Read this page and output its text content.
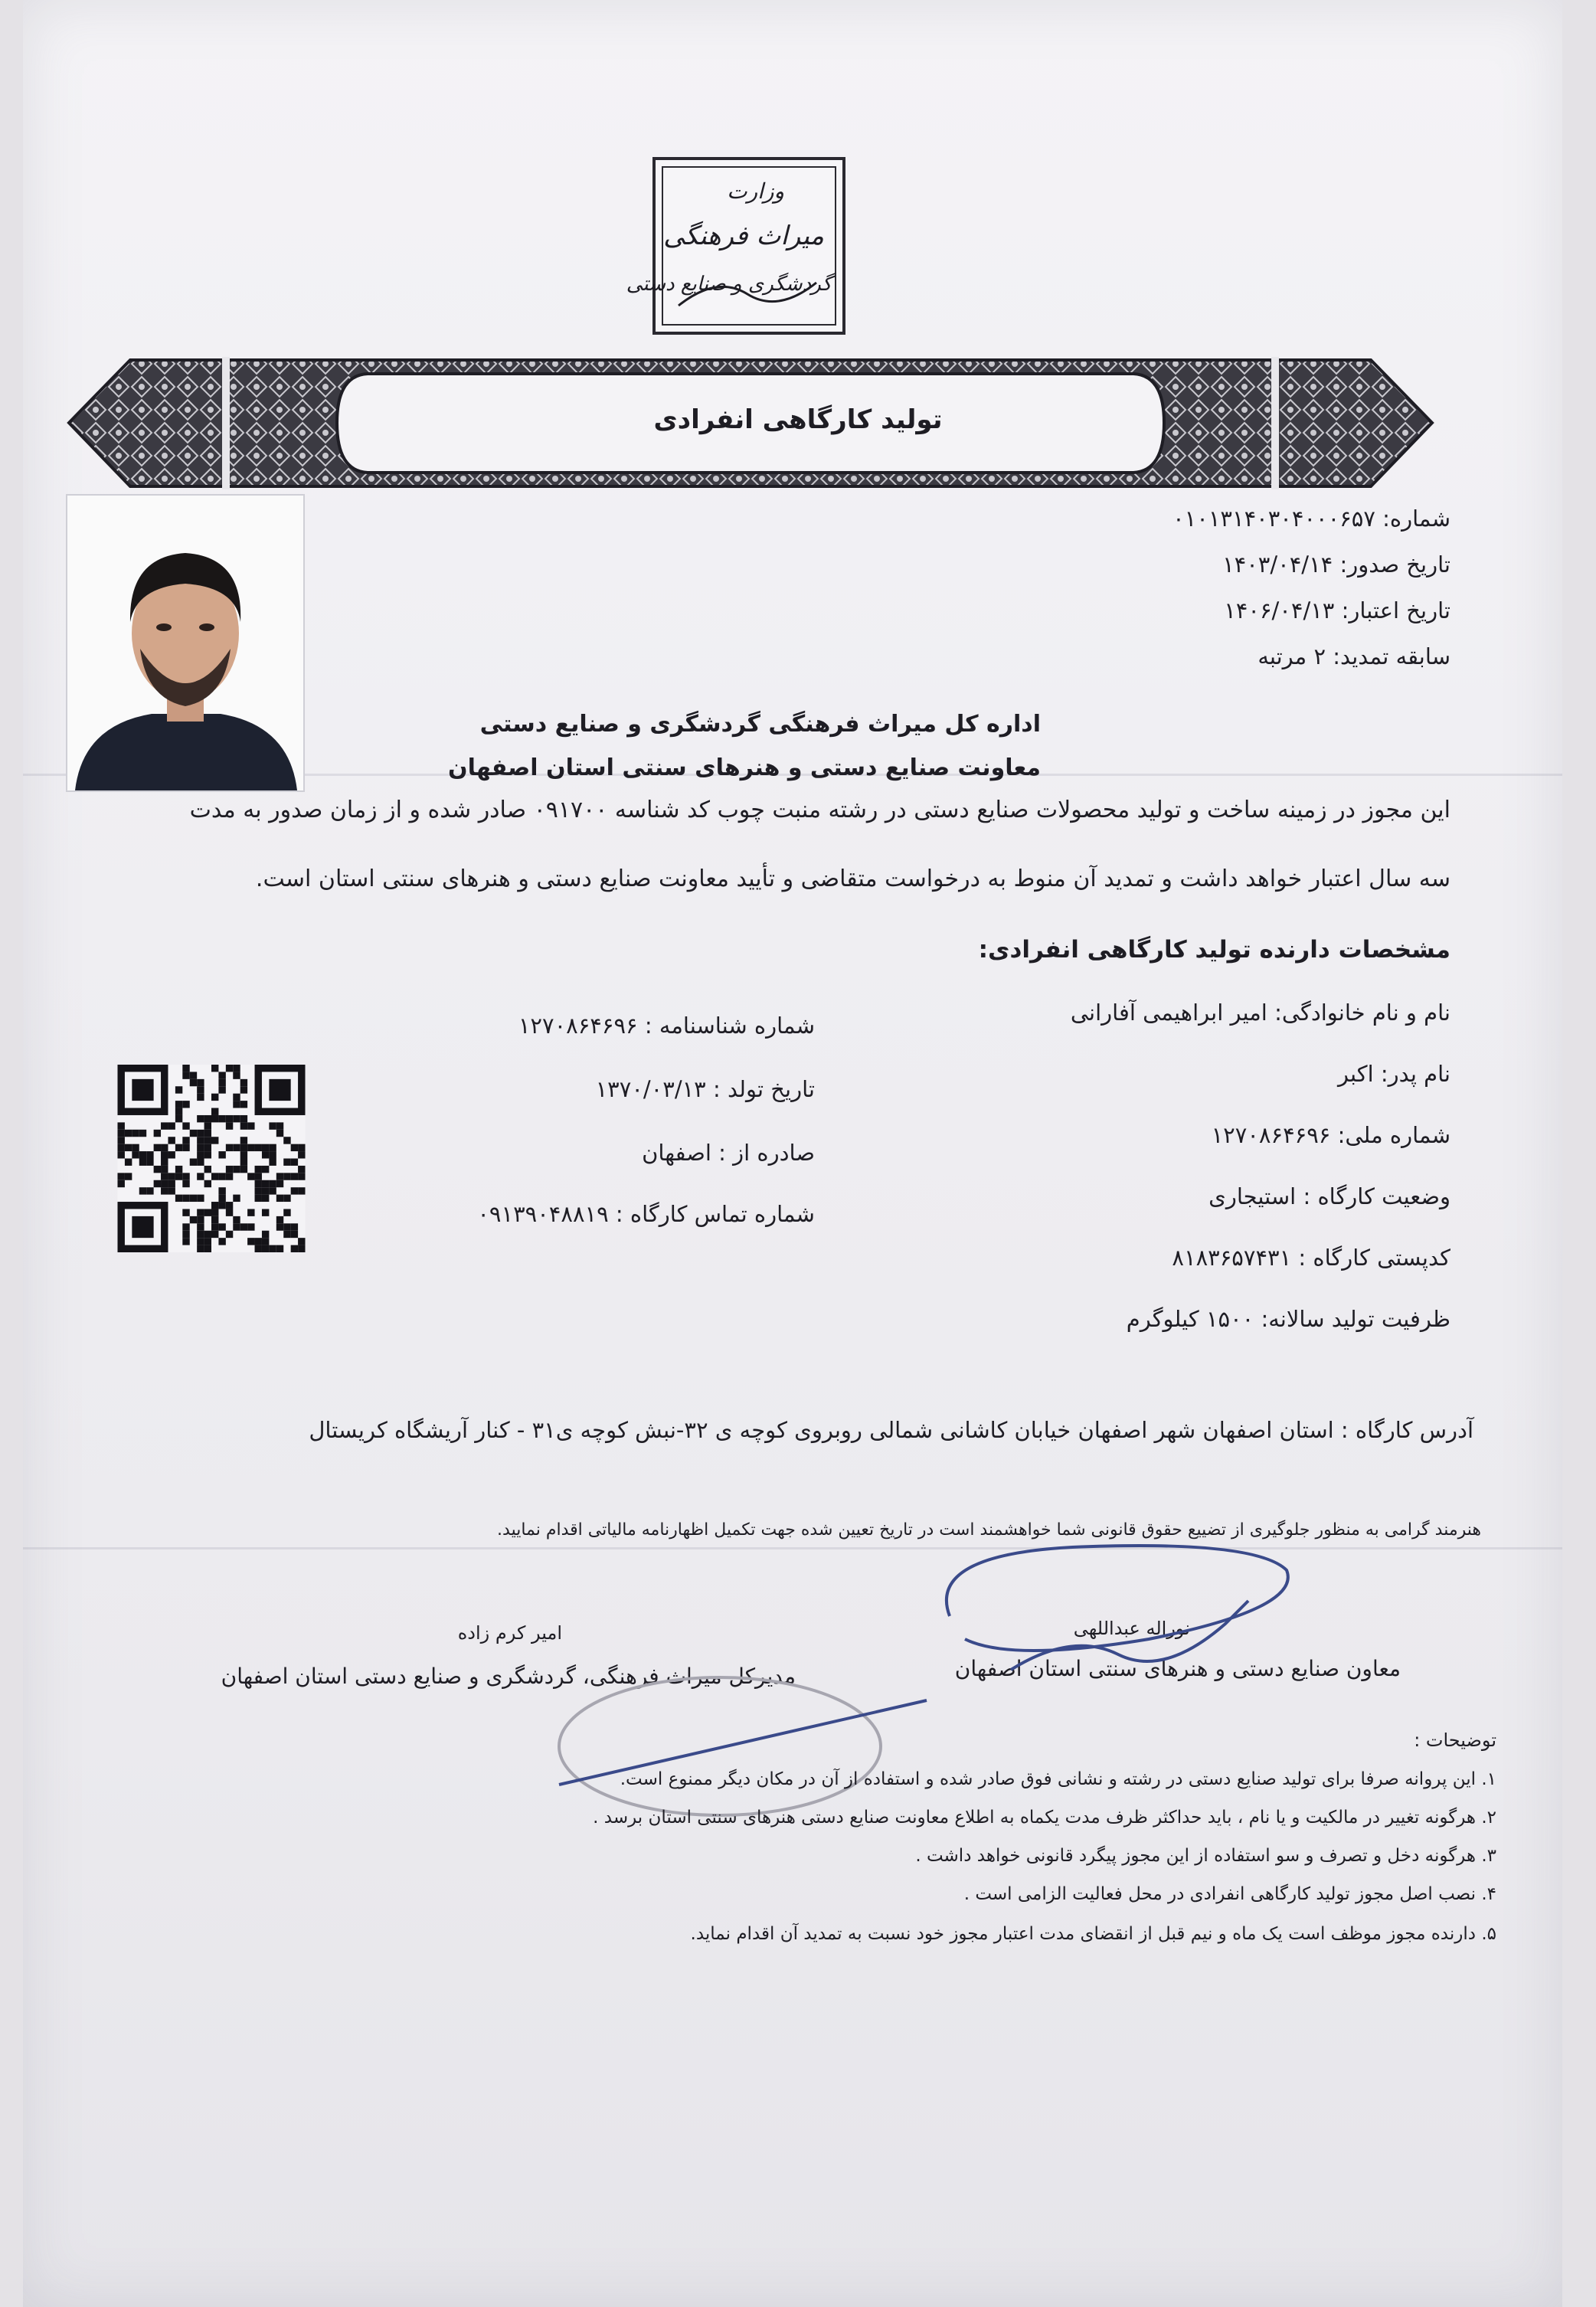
وزارت
میراث فرهنگی
گردشگری و صنایع دستی
تولید کارگاهی انفرادی
شماره: ۰۱۰۱۳۱۴۰۳۰۴۰۰۰۶۵۷
تاریخ صدور: ۱۴۰۳/۰۴/۱۴
تاریخ اعتبار: ۱۴۰۶/۰۴/۱۳
سابقه تمدید: ۲ مرتبه
اداره کل میراث فرهنگی گردشگری و صنایع دستی
معاونت صنایع دستی و هنرهای سنتی استان اصفهان
این مجوز در زمینه ساخت و تولید محصولات صنایع دستی در رشته منبت چوب کد شناسه ۰۹۱۷۰۰ صادر شده و از زمان صدور به مدت
سه سال اعتبار خواهد داشت و تمدید آن منوط به درخواست متقاضی و تأیید معاونت صنایع دستی و هنرهای سنتی استان است.
مشخصات دارنده تولید کارگاهی انفرادی:
نام و نام خانوادگی: امیر ابراهیمی آفارانی
نام پدر: اکبر
شماره ملی: ۱۲۷۰۸۶۴۶۹۶
وضعیت کارگاه : استیجاری
کدپستی کارگاه : ۸۱۸۳۶۵۷۴۳۱
ظرفیت تولید سالانه: ۱۵۰۰ کیلوگرم
شماره شناسنامه : ۱۲۷۰۸۶۴۶۹۶
تاریخ تولد : ۱۳۷۰/۰۳/۱۳
صادره از : اصفهان
شماره تماس کارگاه : ۰۹۱۳۹۰۴۸۸۱۹
آدرس کارگاه : استان اصفهان شهر اصفهان خیابان کاشانی شمالی روبروی کوچه ی ۳۲-نبش کوچه ی۳۱ - کنار آریشگاه کریستال
هنرمند گرامی به منظور جلوگیری از تضییع حقوق قانونی شما خواهشمند است در تاریخ تعیین شده جهت تکمیل اظهارنامه مالیاتی اقدام نمایید.
نوراله عبداللهی
معاون صنایع دستی و هنرهای سنتی استان اصفهان
امیر کرم زاده
مدیرکل میراث فرهنگی، گردشگری و صنایع دستی استان اصفهان
توضیحات :
۱. این پروانه صرفا برای تولید صنایع دستی در رشته و نشانی فوق صادر شده و استفاده از آن در مکان دیگر ممنوع است.
۲. هرگونه تغییر در مالکیت و یا نام ، باید حداکثر ظرف مدت یکماه به اطلاع معاونت صنایع دستی هنرهای سنتی استان برسد .
۳. هرگونه دخل و تصرف و سو استفاده از این مجوز پیگرد قانونی خواهد داشت .
۴. نصب اصل مجوز تولید کارگاهی انفرادی در محل فعالیت الزامی است .
۵. دارنده مجوز موظف است یک ماه و نیم قبل از انقضای مدت اعتبار مجوز خود نسبت به تمدید آن اقدام نماید.
